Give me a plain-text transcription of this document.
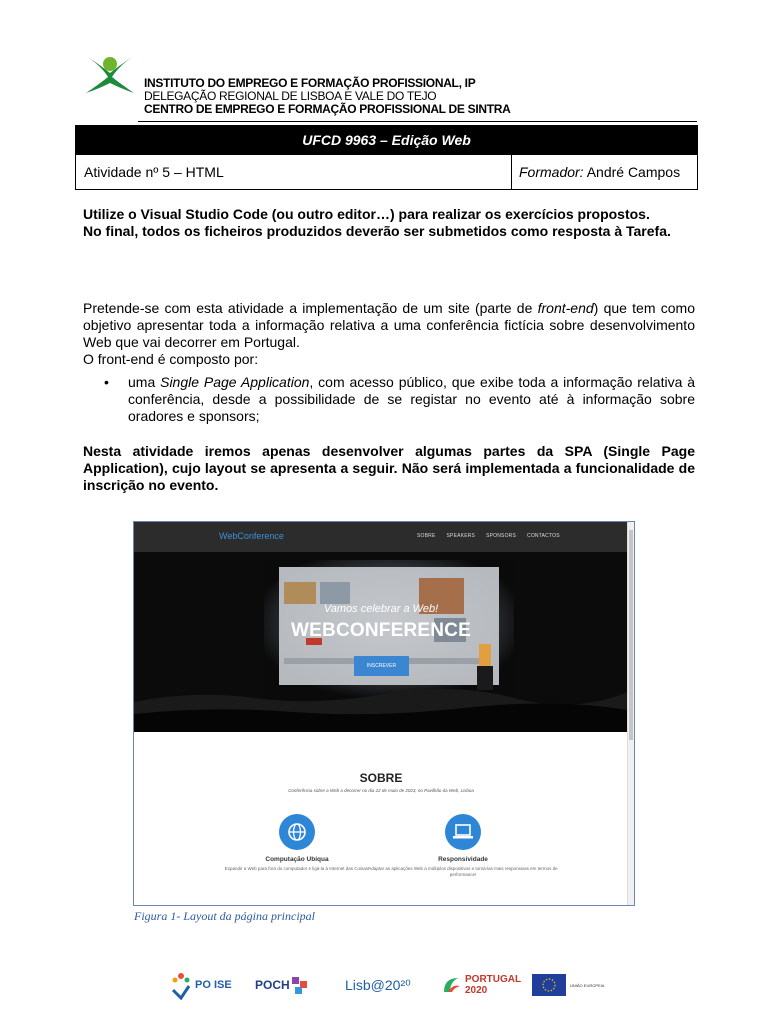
INSTITUTO DO EMPREGO E FORMAÇÃO PROFISSIONAL, IP
DELEGAÇÃO REGIONAL DE LISBOA E VALE DO TEJO
CENTRO DE EMPREGO E FORMAÇÃO PROFISSIONAL DE SINTRA
UFCD 9963 – Edição Web
Atividade nº 5 – HTML	Formador: André Campos
Utilize o Visual Studio Code (ou outro editor…) para realizar os exercícios propostos.
No final, todos os ficheiros produzidos deverão ser submetidos como resposta à Tarefa.
Pretende-se com esta atividade a implementação de um site (parte de front-end) que tem como objetivo apresentar toda a informação relativa a uma conferência fictícia sobre desenvolvimento Web que vai decorrer em Portugal.
O front-end é composto por:
• uma Single Page Application, com acesso público, que exibe toda a informação relativa à conferência, desde a possibilidade de se registar no evento até à informação sobre oradores e sponsors;
Nesta atividade iremos apenas desenvolver algumas partes da SPA (Single Page Application), cujo layout se apresenta a seguir. Não será implementada a funcionalidade de inscrição no evento.
WebConference	SOBRE SPEAKERS SPONSORS CONTACTOS
Vamos celebrar a Web!
WEBCONFERENCE
INSCREVER
SOBRE
Conferência sobre a Web a decorrer no dia 22 de maio de 2023, no Pavilhão da Web, Lisboa
Computação Ubíqua
Expandir a Web para fora do computador e ligá-la à Internet das Coisas!
Responsividade
Adaptar as aplicações Web a múltiplos dispositivos e torná-las mais responsivas em termos de performance!
Figura 1- Layout da página principal
PO ISE POCH	Lisb@20²⁰	PORTUGAL 2020	UNIÃO EUROPEIA
